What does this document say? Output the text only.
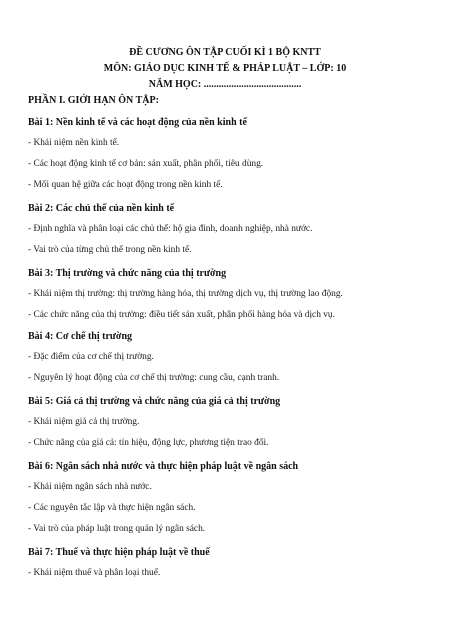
ĐỀ CƯƠNG ÔN TẬP CUỐI KÌ 1 BỘ KNTT
MÔN: GIÁO DỤC KINH TẾ & PHÁP LUẬT – LỚP: 10
NĂM HỌC: .......................................
PHẦN I. GIỚI HẠN ÔN TẬP:
Bài 1: Nền kinh tế và các hoạt động của nền kinh tế
- Khái niệm nền kinh tế.
- Các hoạt động kinh tế cơ bản: sản xuất, phân phối, tiêu dùng.
- Mối quan hệ giữa các hoạt động trong nền kinh tế.
Bài 2: Các chủ thể của nền kinh tế
- Định nghĩa và phân loại các chủ thể: hộ gia đình, doanh nghiệp, nhà nước.
- Vai trò của từng chủ thể trong nền kinh tế.
Bài 3: Thị trường và chức năng của thị trường
- Khái niệm thị trường: thị trường hàng hóa, thị trường dịch vụ, thị trường lao động.
- Các chức năng của thị trường: điều tiết sản xuất, phân phối hàng hóa và dịch vụ.
Bài 4: Cơ chế thị trường
- Đặc điểm của cơ chế thị trường.
- Nguyên lý hoạt động của cơ chế thị trường: cung cầu, cạnh tranh.
Bài 5: Giá cả thị trường và chức năng của giá cả thị trường
- Khái niệm giá cả thị trường.
- Chức năng của giá cả: tín hiệu, động lực, phương tiện trao đổi.
Bài 6: Ngân sách nhà nước và thực hiện pháp luật về ngân sách
- Khái niệm ngân sách nhà nước.
- Các nguyên tắc lập và thực hiện ngân sách.
- Vai trò của pháp luật trong quản lý ngân sách.
Bài 7: Thuế và thực hiện pháp luật về thuế
- Khái niệm thuế và phân loại thuế.
